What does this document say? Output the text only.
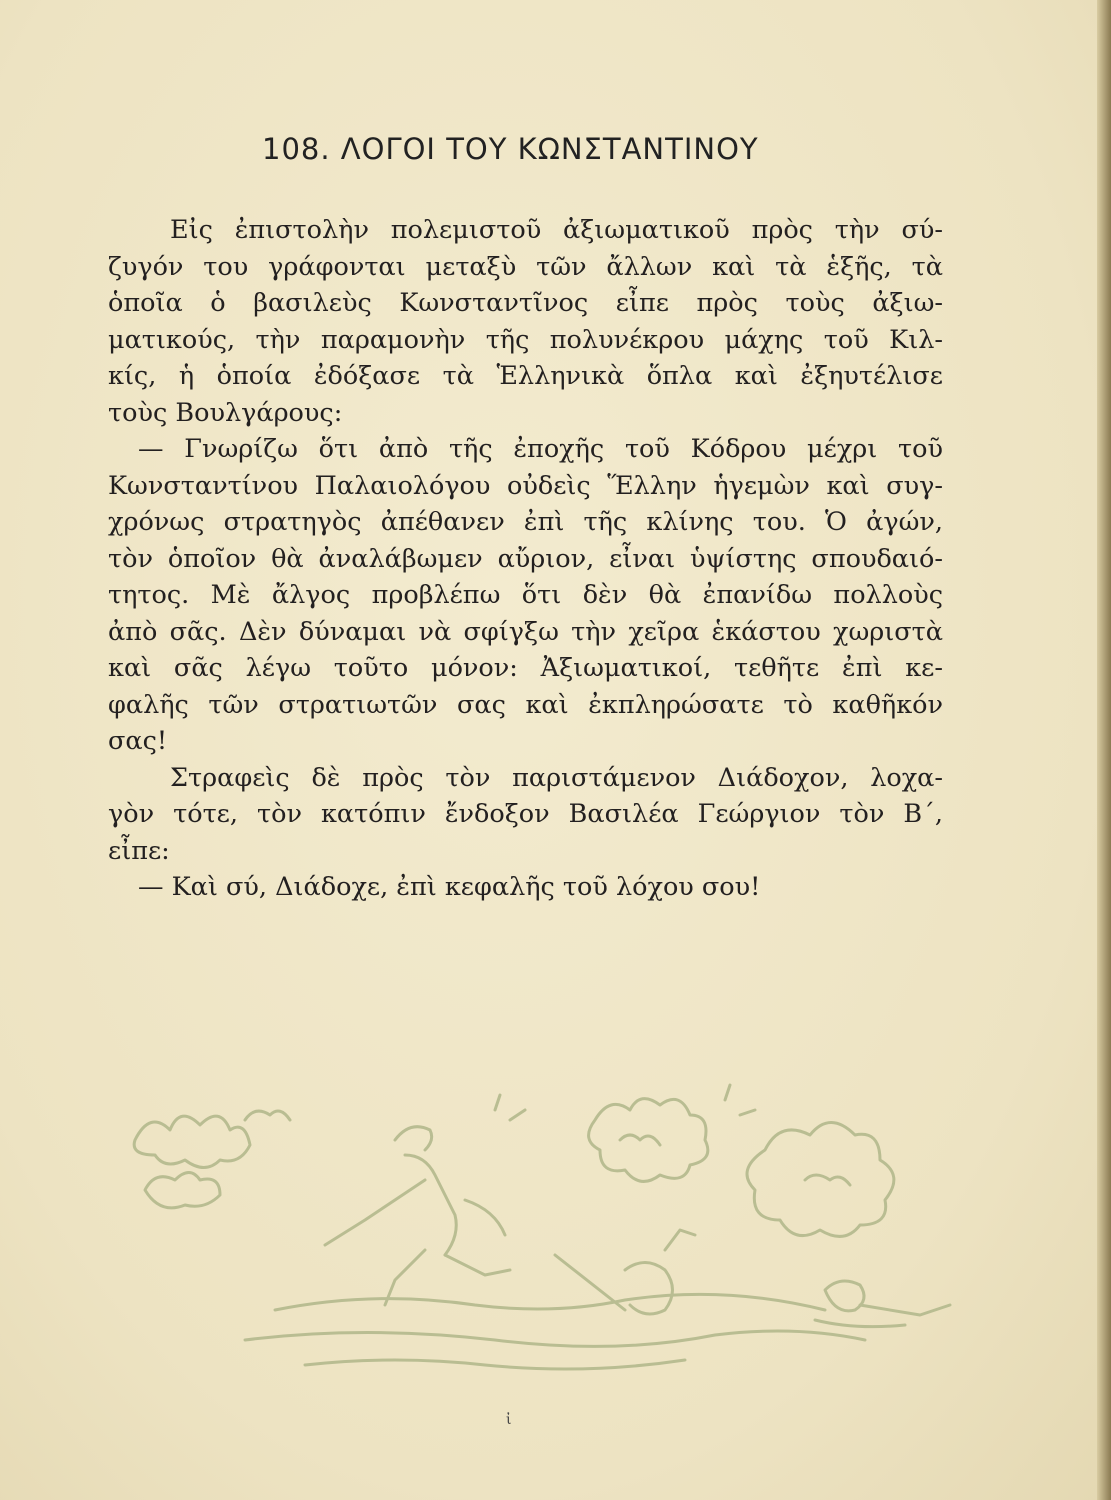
108. ΛΟΓΟΙ ΤΟΥ ΚΩΝΣΤΑΝΤΙΝΟΥ
Εἰς ἐπιστολὴν πολεμιστοῦ ἀξιωματικοῦ πρὸς τὴν σύ-
ζυγόν του γράφονται μεταξὺ τῶν ἄλλων καὶ τὰ ἑξῆς, τὰ
ὁποῖα ὁ βασιλεὺς Κωνσταντῖνος εἶπε πρὸς τοὺς ἀξιω-
ματικούς, τὴν παραμονὴν τῆς πολυνέκρου μάχης τοῦ Κιλ-
κίς, ἡ ὁποία ἐδόξασε τὰ Ἑλληνικὰ ὅπλα καὶ ἐξηυτέλισε
τοὺς Βουλγάρους:
— Γνωρίζω ὅτι ἀπὸ τῆς ἐποχῆς τοῦ Κόδρου μέχρι τοῦ
Κωνσταντίνου Παλαιολόγου οὐδεὶς Ἕλλην ἡγεμὼν καὶ συγ-
χρόνως στρατηγὸς ἀπέθανεν ἐπὶ τῆς κλίνης του. Ὁ ἀγών,
τὸν ὁποῖον θὰ ἀναλάβωμεν αὔριον, εἶναι ὑψίστης σπουδαιό-
τητος. Μὲ ἄλγος προβλέπω ὅτι δὲν θὰ ἐπανίδω πολλοὺς
ἀπὸ σᾶς. Δὲν δύναμαι νὰ σφίγξω τὴν χεῖρα ἑκάστου χωριστὰ
καὶ σᾶς λέγω τοῦτο μόνον: Ἀξιωματικοί, τεθῆτε ἐπὶ κε-
φαλῆς τῶν στρατιωτῶν σας καὶ ἐκπληρώσατε τὸ καθῆκόν
σας!
Στραφεὶς δὲ πρὸς τὸν παριστάμενον Διάδοχον, λοχα-
γὸν τότε, τὸν κατόπιν ἔνδοξον Βασιλέα Γεώργιον τὸν Β΄,
εἶπε:
— Καὶ σύ, Διάδοχε, ἐπὶ κεφαλῆς τοῦ λόχου σου!
ἰ
